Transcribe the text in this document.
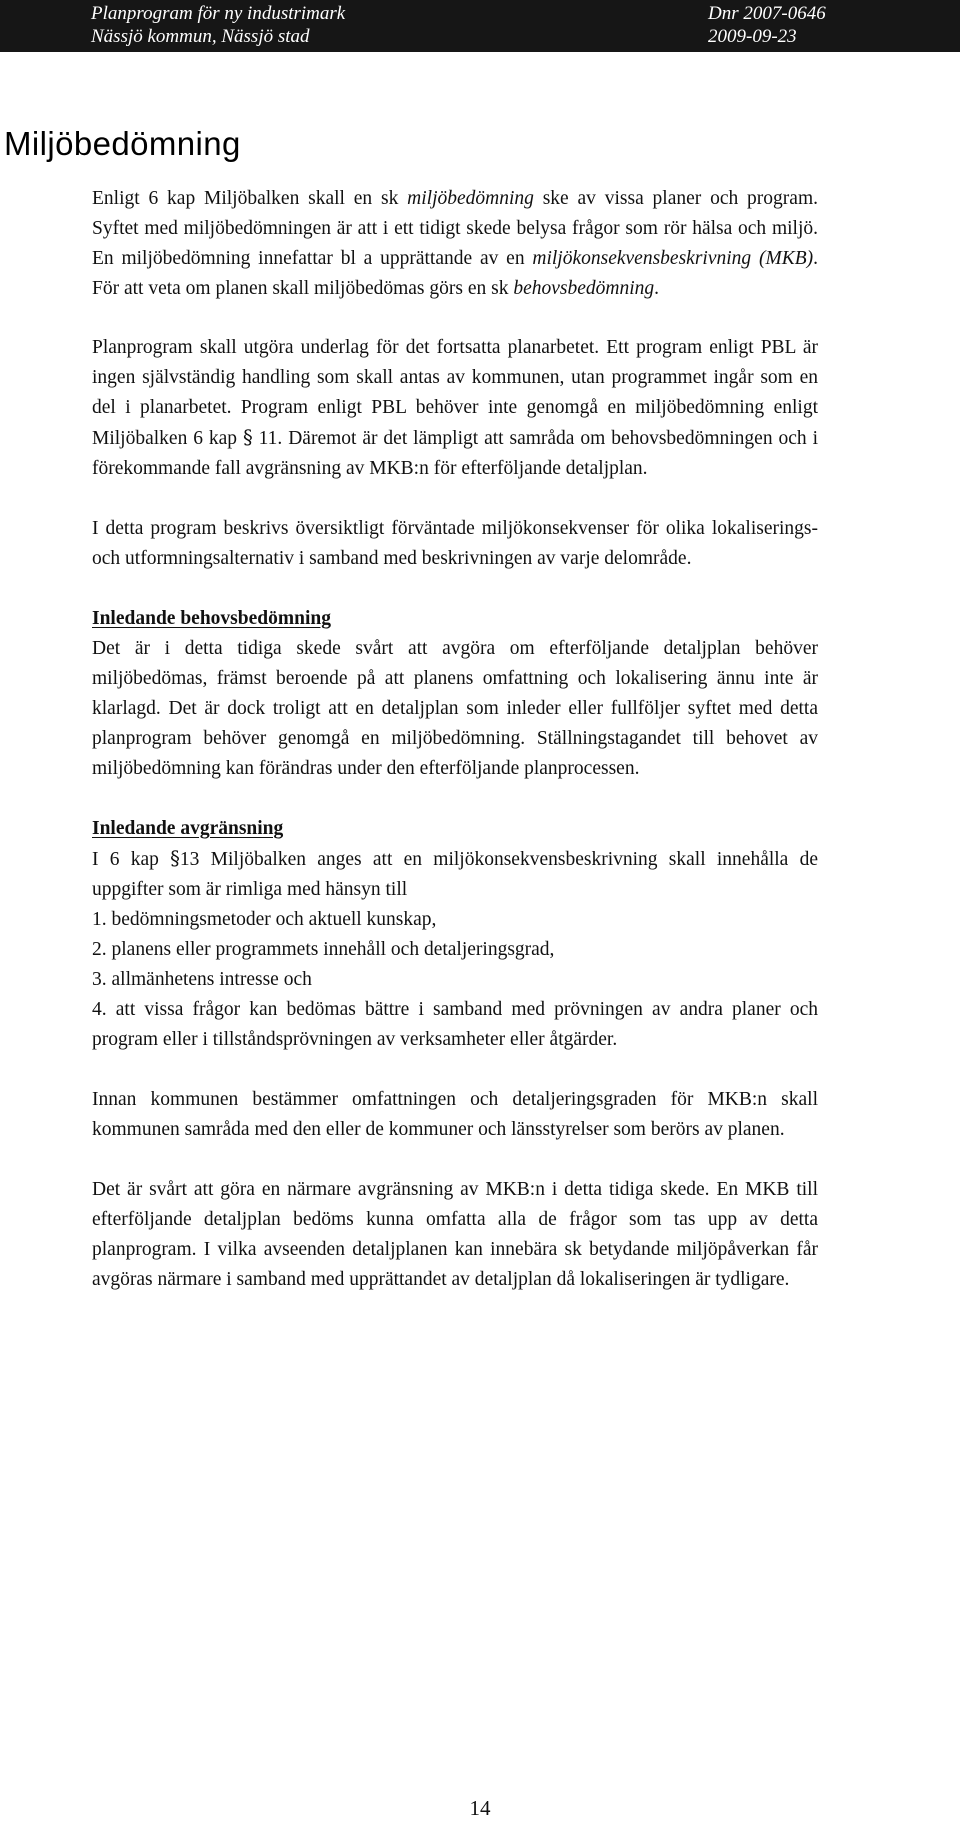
Planprogram för ny industrimark
Nässjö kommun, Nässjö stad
Dnr 2007-0646
2009-09-23
Miljöbedömning

Enligt 6 kap Miljöbalken skall en sk miljöbedömning ske av vissa planer och program. Syftet med miljöbedömningen är att i ett tidigt skede belysa frågor som rör hälsa och miljö. En miljöbedömning innefattar bl a upprättande av en miljökonsekvensbeskrivning (MKB). För att veta om planen skall miljöbedömas görs en sk behovsbedömning.

Planprogram skall utgöra underlag för det fortsatta planarbetet. Ett program enligt PBL är ingen självständig handling som skall antas av kommunen, utan programmet ingår som en del i planarbetet. Program enligt PBL behöver inte genomgå en miljöbedömning enligt Miljöbalken 6 kap § 11. Däremot är det lämpligt att samråda om behovsbedömningen och i förekommande fall avgränsning av MKB:n för efterföljande detaljplan.

I detta program beskrivs översiktligt förväntade miljökonsekvenser för olika lokaliserings- och utformningsalternativ i samband med beskrivningen av varje delområde.

Inledande behovsbedömning

Det är i detta tidiga skede svårt att avgöra om efterföljande detaljplan behöver miljöbedömas, främst beroende på att planens omfattning och lokalisering ännu inte är klarlagd. Det är dock troligt att en detaljplan som inleder eller fullföljer syftet med detta planprogram behöver genomgå en miljöbedömning. Ställningstagandet till behovet av miljöbedömning kan förändras under den efterföljande planprocessen.

Inledande avgränsning

I 6 kap §13 Miljöbalken anges att en miljökonsekvensbeskrivning skall innehålla de uppgifter som är rimliga med hänsyn till

1. bedömningsmetoder och aktuell kunskap,
2. planens eller programmets innehåll och detaljeringsgrad,
3. allmänhetens intresse och
4. att vissa frågor kan bedömas bättre i samband med prövningen av andra planer och program eller i tillståndsprövningen av verksamheter eller åtgärder.

Innan kommunen bestämmer omfattningen och detaljeringsgraden för MKB:n skall kommunen samråda med den eller de kommuner och länsstyrelser som berörs av planen.

Det är svårt att göra en närmare avgränsning av MKB:n i detta tidiga skede. En MKB till efterföljande detaljplan bedöms kunna omfatta alla de frågor som tas upp av detta planprogram. I vilka avseenden detaljplanen kan innebära sk betydande miljöpåverkan får avgöras närmare i samband med upprättandet av detaljplan då lokaliseringen är tydligare.

14
